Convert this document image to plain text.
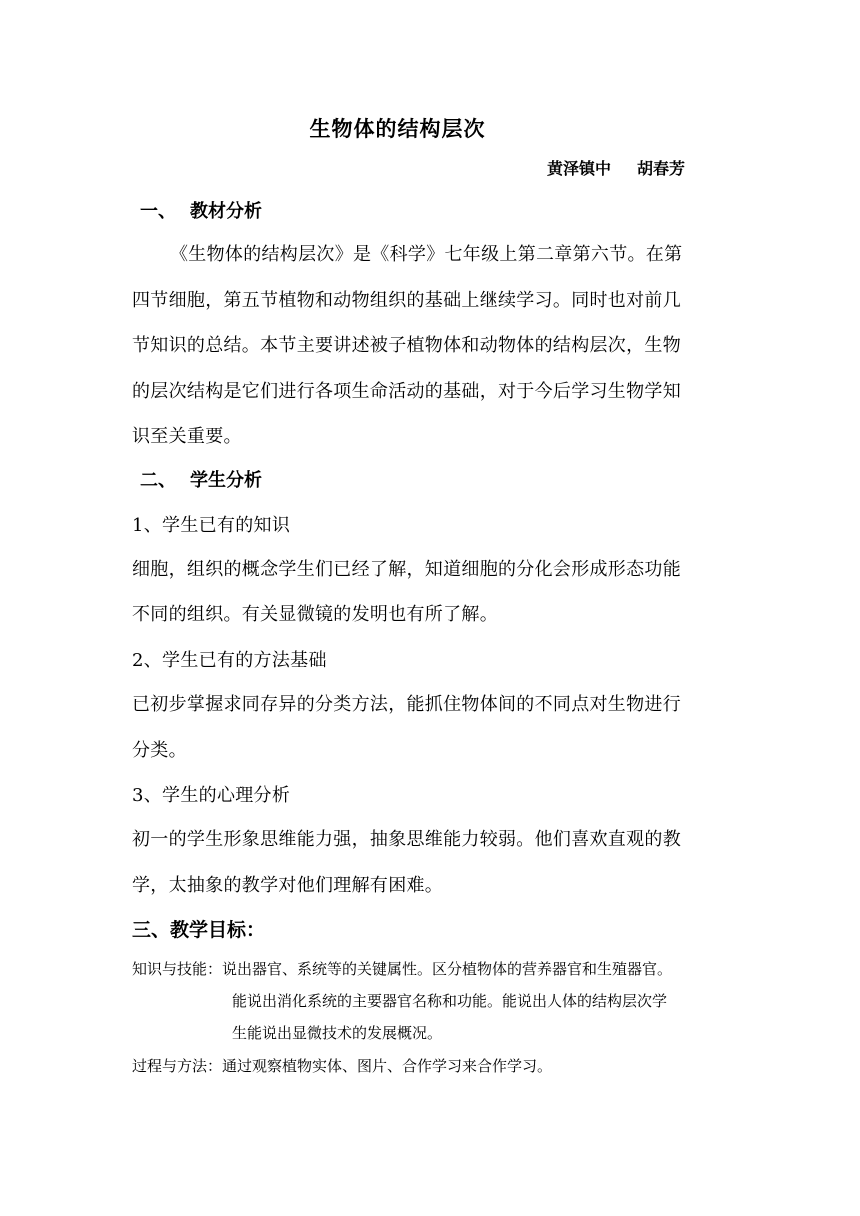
生物体的结构层次
黄泽镇中 胡春芳
一、 教材分析
《生物体的结构层次》是《科学》七年级上第二章第六节。在第
四节细胞，第五节植物和动物组织的基础上继续学习。同时也对前几
节知识的总结。本节主要讲述被子植物体和动物体的结构层次，生物
的层次结构是它们进行各项生命活动的基础，对于今后学习生物学知
识至关重要。
二、 学生分析
1、学生已有的知识
细胞，组织的概念学生们已经了解，知道细胞的分化会形成形态功能
不同的组织。有关显微镜的发明也有所了解。
2、学生已有的方法基础
已初步掌握求同存异的分类方法，能抓住物体间的不同点对生物进行
分类。
3、学生的心理分析
初一的学生形象思维能力强，抽象思维能力较弱。他们喜欢直观的教
学，太抽象的教学对他们理解有困难。
三、教学目标：
知识与技能：说出器官、系统等的关键属性。区分植物体的营养器官和生殖器官。
能说出消化系统的主要器官名称和功能。能说出人体的结构层次学
生能说出显微技术的发展概况。
过程与方法：通过观察植物实体、图片、合作学习来合作学习。
